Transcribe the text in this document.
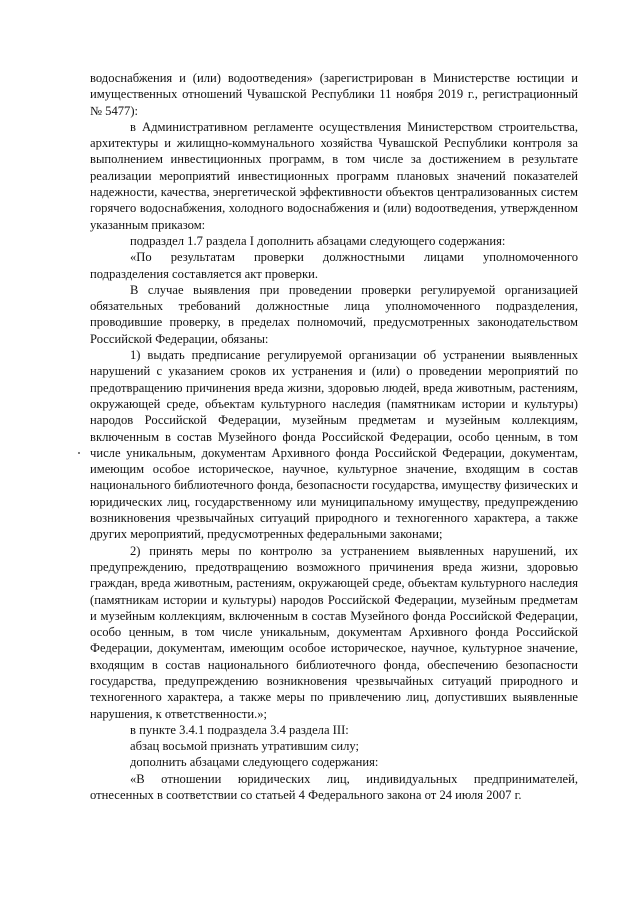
водоснабжения и (или) водоотведения» (зарегистрирован в Министерстве юстиции и имущественных отношений Чувашской Республики 11 ноября 2019 г., регистрационный № 5477):

в Административном регламенте осуществления Министерством строительства, архитектуры и жилищно-коммунального хозяйства Чувашской Республики контроля за выполнением инвестиционных программ, в том числе за достижением в результате реализации мероприятий инвестиционных программ плановых значений показателей надежности, качества, энергетической эффективности объектов централизованных систем горячего водоснабжения, холодного водоснабжения и (или) водоотведения, утвержденном указанным приказом:

подраздел 1.7 раздела I дополнить абзацами следующего содержания:

«По результатам проверки должностными лицами уполномоченного подразделения составляется акт проверки.

В случае выявления при проведении проверки регулируемой организацией обязательных требований должностные лица уполномоченного подразделения, проводившие проверку, в пределах полномочий, предусмотренных законодательством Российской Федерации, обязаны:

1) выдать предписание регулируемой организации об устранении выявленных нарушений с указанием сроков их устранения и (или) о проведении мероприятий по предотвращению причинения вреда жизни, здоровью людей, вреда животным, растениям, окружающей среде, объектам культурного наследия (памятникам истории и культуры) народов Российской Федерации, музейным предметам и музейным коллекциям, включенным в состав Музейного фонда Российской Федерации, особо ценным, в том числе уникальным, документам Архивного фонда Российской Федерации, документам, имеющим особое историческое, научное, культурное значение, входящим в состав национального библиотечного фонда, безопасности государства, имуществу физических и юридических лиц, государственному или муниципальному имуществу, предупреждению возникновения чрезвычайных ситуаций природного и техногенного характера, а также других мероприятий, предусмотренных федеральными законами;

2) принять меры по контролю за устранением выявленных нарушений, их предупреждению, предотвращению возможного причинения вреда жизни, здоровью граждан, вреда животным, растениям, окружающей среде, объектам культурного наследия (памятникам истории и культуры) народов Российской Федерации, музейным предметам и музейным коллекциям, включенным в состав Музейного фонда Российской Федерации, особо ценным, в том числе уникальным, документам Архивного фонда Российской Федерации, документам, имеющим особое историческое, научное, культурное значение, входящим в состав национального библиотечного фонда, обеспечению безопасности государства, предупреждению возникновения чрезвычайных ситуаций природного и техногенного характера, а также меры по привлечению лиц, допустивших выявленные нарушения, к ответственности.»;

в пункте 3.4.1 подраздела 3.4 раздела III:

абзац восьмой признать утратившим силу;

дополнить абзацами следующего содержания:

«В отношении юридических лиц, индивидуальных предпринимателей, отнесенных в соответствии со статьей 4 Федерального закона от 24 июля 2007 г.
